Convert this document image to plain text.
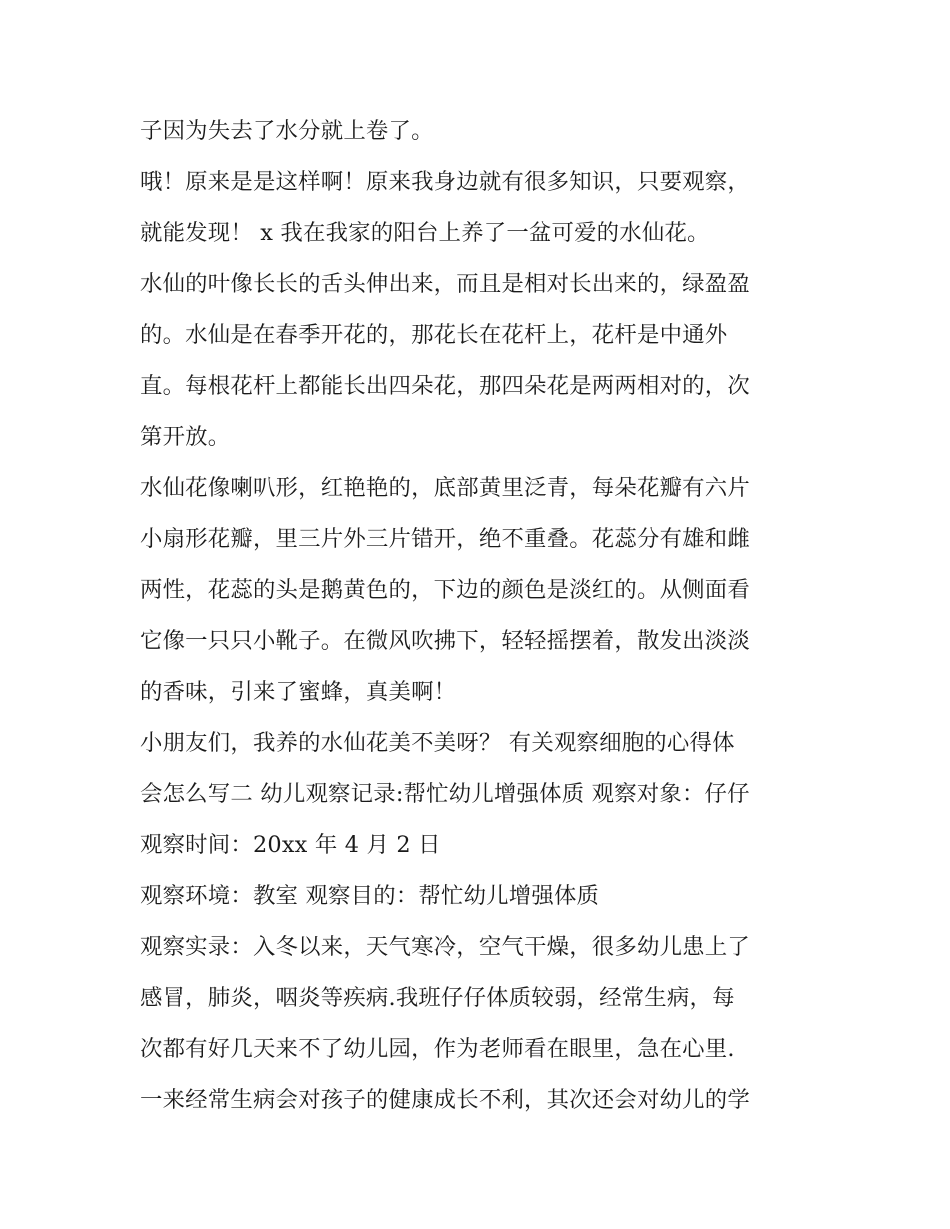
子因为失去了水分就上卷了。
哦！原来是是这样啊！原来我身边就有很多知识，只要观察，
就能发现！ x 我在我家的阳台上养了一盆可爱的水仙花。
水仙的叶像长长的舌头伸出来，而且是相对长出来的，绿盈盈
的。水仙是在春季开花的，那花长在花杆上，花杆是中通外
直。每根花杆上都能长出四朵花，那四朵花是两两相对的，次
第开放。
水仙花像喇叭形，红艳艳的，底部黄里泛青，每朵花瓣有六片
小扇形花瓣，里三片外三片错开，绝不重叠。花蕊分有雄和雌
两性，花蕊的头是鹅黄色的，下边的颜色是淡红的。从侧面看
它像一只只小靴子。在微风吹拂下，轻轻摇摆着，散发出淡淡
的香味，引来了蜜蜂，真美啊！
小朋友们，我养的水仙花美不美呀？ 有关观察细胞的心得体
会怎么写二 幼儿观察记录:帮忙幼儿增强体质 观察对象：仔仔
观察时间：20xx 年 4 月 2 日
观察环境：教室 观察目的：帮忙幼儿增强体质
观察实录：入冬以来，天气寒冷，空气干燥，很多幼儿患上了
感冒，肺炎，咽炎等疾病.我班仔仔体质较弱，经常生病，每
次都有好几天来不了幼儿园，作为老师看在眼里，急在心里.
一来经常生病会对孩子的健康成长不利，其次还会对幼儿的学
